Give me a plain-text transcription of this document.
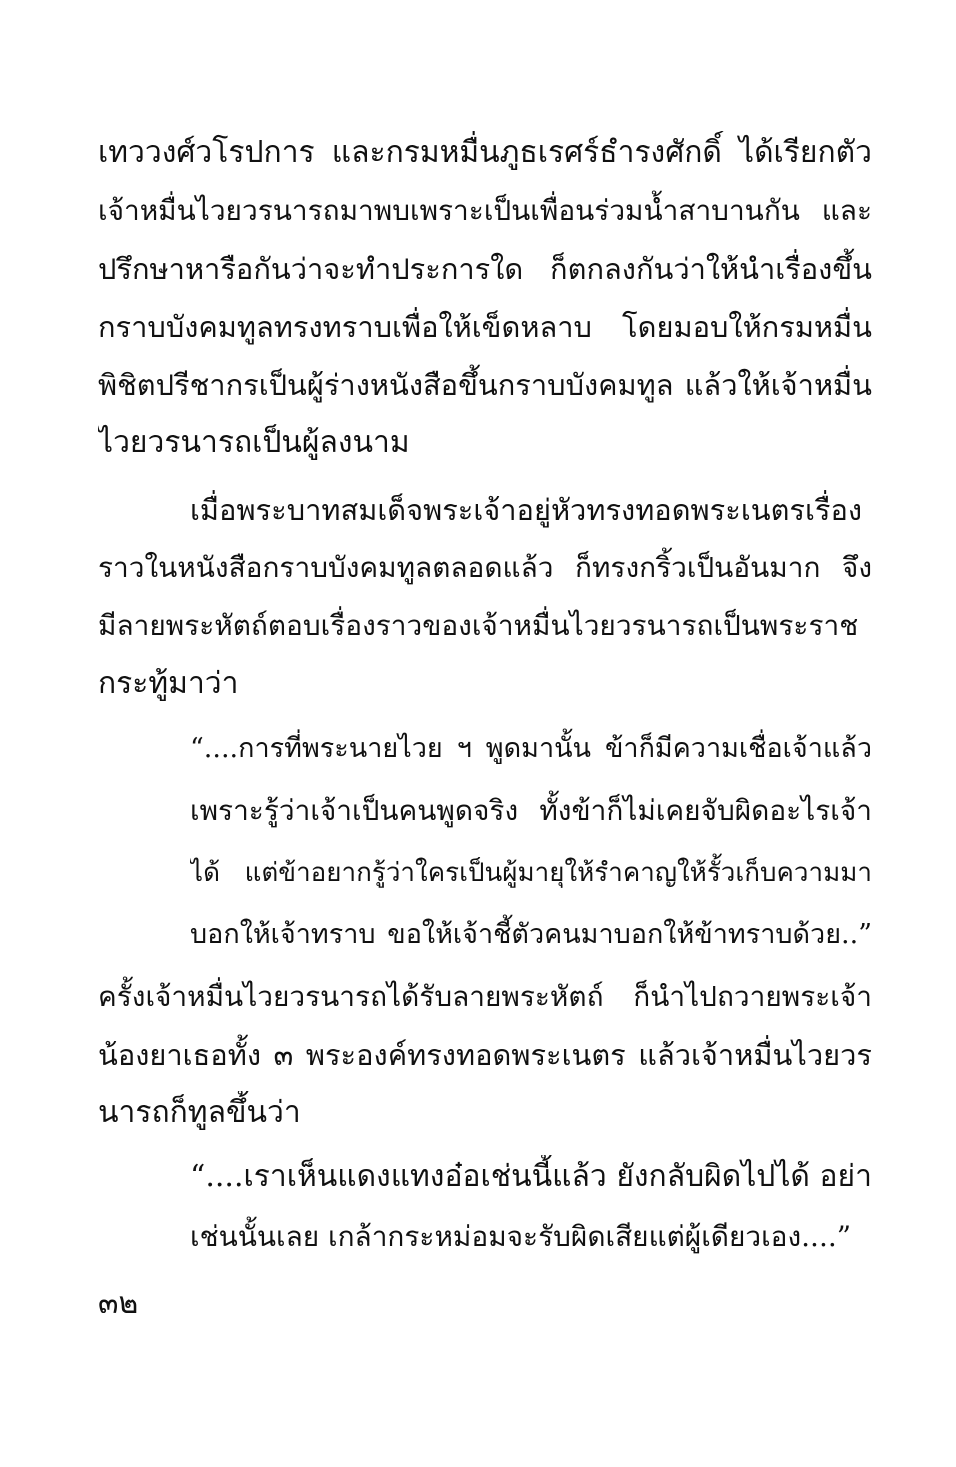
เทววงศ์วโรปการ และกรมหมื่นภูธเรศร์ธำรงศักดิ์ ได้เรียกตัว
เจ้าหมื่นไวยวรนารถมาพบเพราะเป็นเพื่อนร่วมน้ำสาบานกัน และ
ปรึกษาหารือกันว่าจะทำประการใด ก็ตกลงกันว่าให้นำเรื่องขึ้น
กราบบังคมทูลทรงทราบเพื่อให้เข็ดหลาบ โดยมอบให้กรมหมื่น
พิชิตปรีชากรเป็นผู้ร่างหนังสือขึ้นกราบบังคมทูล แล้วให้เจ้าหมื่น
ไวยวรนารถเป็นผู้ลงนาม
เมื่อพระบาทสมเด็จพระเจ้าอยู่หัวทรงทอดพระเนตรเรื่อง
ราวในหนังสือกราบบังคมทูลตลอดแล้ว ก็ทรงกริ้วเป็นอันมาก จึง
มีลายพระหัตถ์ตอบเรื่องราวของเจ้าหมื่นไวยวรนารถเป็นพระราช
กระทู้มาว่า
“....การที่พระนายไวย ฯ พูดมานั้น ข้าก็มีความเชื่อเจ้าแล้ว
เพราะรู้ว่าเจ้าเป็นคนพูดจริง ทั้งข้าก็ไม่เคยจับผิดอะไรเจ้า
ได้ แต่ข้าอยากรู้ว่าใครเป็นผู้มายุให้รำคาญให้รั้วเก็บความมา
บอกให้เจ้าทราบ ขอให้เจ้าชี้ตัวคนมาบอกให้ข้าทราบด้วย..”
ครั้งเจ้าหมื่นไวยวรนารถได้รับลายพระหัตถ์ ก็นำไปถวายพระเจ้า
น้องยาเธอทั้ง ๓ พระองค์ทรงทอดพระเนตร แล้วเจ้าหมื่นไวยวร
นารถก็ทูลขึ้นว่า
“....เราเห็นแดงแทงอ๋อเช่นนี้แล้ว ยังกลับผิดไปได้ อย่า
เช่นนั้นเลย เกล้ากระหม่อมจะรับผิดเสียแต่ผู้เดียวเอง....”
๓๒
